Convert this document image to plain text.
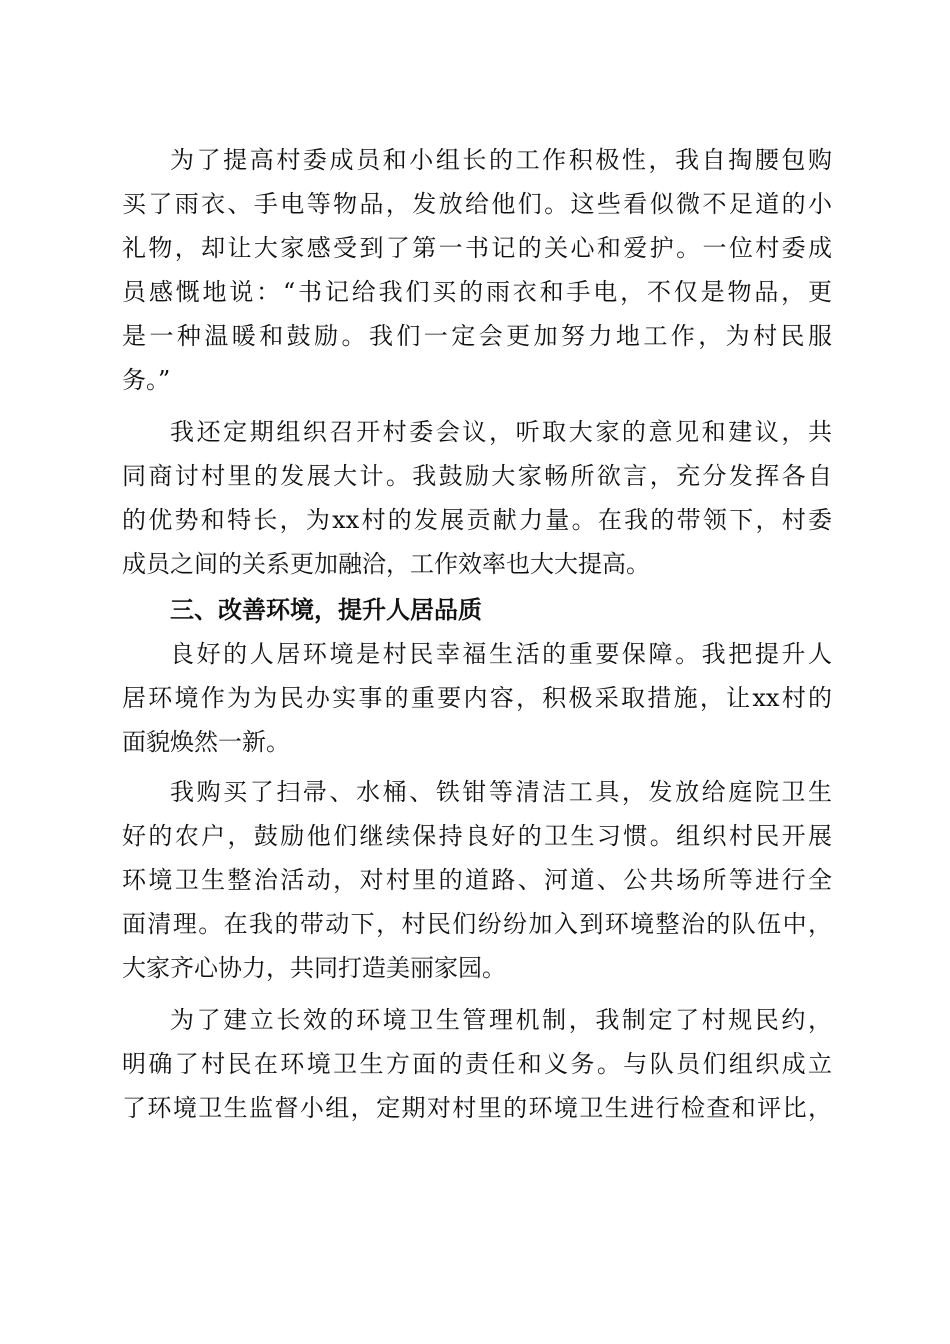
为了提高村委成员和小组长的工作积极性，我自掏腰包购
买了雨衣、手电等物品，发放给他们。这些看似微不足道的小
礼物，却让大家感受到了第一书记的关心和爱护。一位村委成
员感慨地说：“书记给我们买的雨衣和手电，不仅是物品，更
是一种温暖和鼓励。我们一定会更加努力地工作，为村民服
务。”
我还定期组织召开村委会议，听取大家的意见和建议，共
同商讨村里的发展大计。我鼓励大家畅所欲言，充分发挥各自
的优势和特长，为xx村的发展贡献力量。在我的带领下，村委
成员之间的关系更加融洽，工作效率也大大提高。
三、改善环境，提升人居品质
良好的人居环境是村民幸福生活的重要保障。我把提升人
居环境作为为民办实事的重要内容，积极采取措施，让xx村的
面貌焕然一新。
我购买了扫帚、水桶、铁钳等清洁工具，发放给庭院卫生
好的农户，鼓励他们继续保持良好的卫生习惯。组织村民开展
环境卫生整治活动，对村里的道路、河道、公共场所等进行全
面清理。在我的带动下，村民们纷纷加入到环境整治的队伍中，
大家齐心协力，共同打造美丽家园。
为了建立长效的环境卫生管理机制，我制定了村规民约，
明确了村民在环境卫生方面的责任和义务。与队员们组织成立
了环境卫生监督小组，定期对村里的环境卫生进行检查和评比，
